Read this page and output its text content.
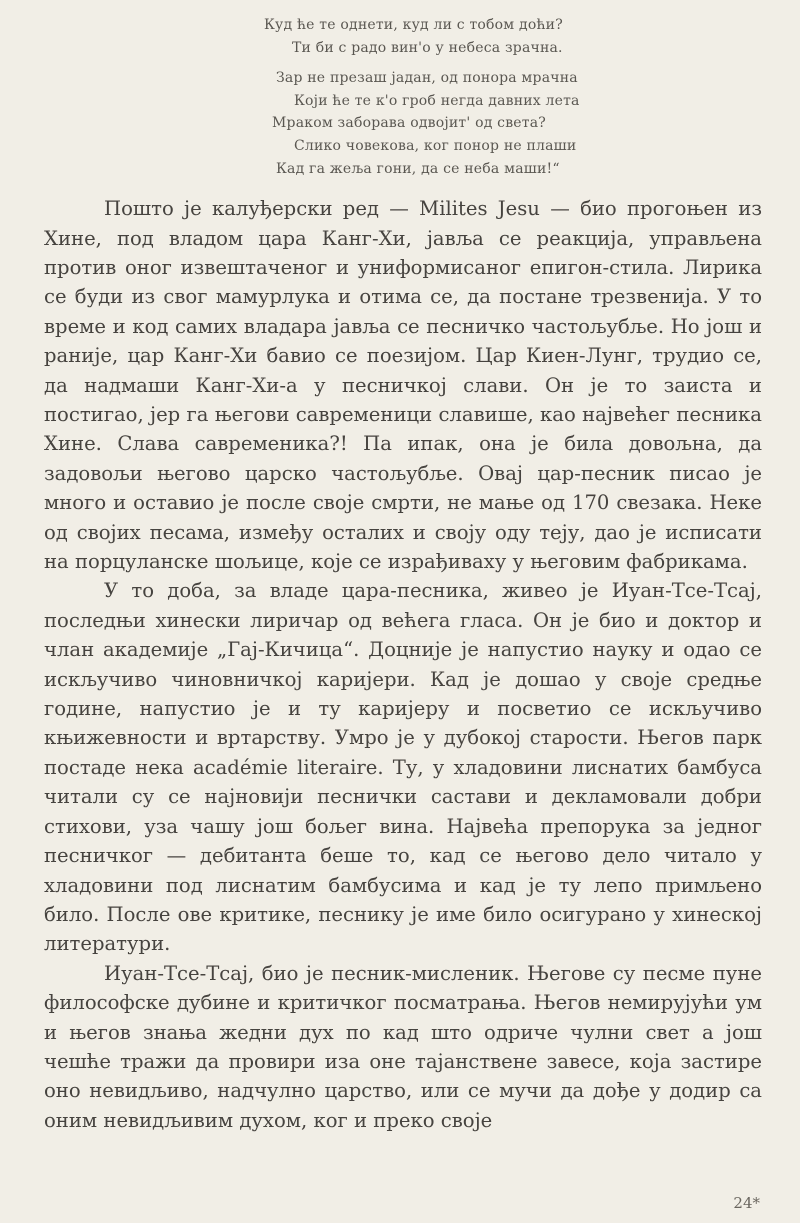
Куд ће те однети, куд ли с тобом доћи?
Ти би с радо вин'о у небеса зрачна.
Зар не презаш јадан, од понора мрачна
Који ће те к'о гроб негда давних лета
Мраком заборава одвојит' од света?
Слико човекова, ког понор не плаши
Кад га жеља гони, да се неба маши!“

Пошто је калуђерски ред — Milites Jesu — био прогоњен из Хине, под владом цара Канг-Хи, јавља се реакција, управљена против оног извештаченог и униформисаног епигон-стила. Лирика се буди из свог мамурлука и отима се, да постане трезвенија. У то време и код самих владара јавља се песничко частољубље. Но још и раније, цар Канг-Хи бавио се поезијом. Цар Киен-Лунг, трудио се, да надмаши Канг-Хи-а у песничкој слави. Он је то заиста и постигао, јер га његови савременици славише, као највећег песника Хине. Слава савременика?! Па ипак, она је била довољна, да задовољи његово царско частољубље. Овај цар-песник писао је много и оставио је после своје смрти, не мање од 170 свезака. Неке од својих песама, између осталих и своју оду теју, дао је исписати на порцуланске шољице, које се израђиваху у његовим фабрикама.

У то доба, за владе цара-песника, живео је Иуан-Тсе-Тсај, последњи хинески лиричар од већега гласа. Он је био и доктор и члан академије „Гај-Кичица“. Доцније је напустио науку и одао се искључиво чиновничкој каријери. Кад је дошао у своје средње године, напустио је и ту каријеру и посветио се искључиво књижевности и вртарству. Умро је у дубокој старости. Његов парк постаде нека académie literaire. Ту, у хладовини лиснатих бамбуса читали су се најновији песнички састави и декламовали добри стихови, уза чашу још бољег вина. Највећа препорука за једног песничког — дебитанта беше то, кад се његово дело читало у хладовини под лиснатим бамбусима и кад је ту лепо примљено било. После ове критике, песнику је име било осигурано у хинеској литератури.

Иуан-Тсе-Тсај, био је песник-мисленик. Његове су песме пуне философске дубине и критичког посматрања. Његов немирујући ум и његов знања жедни дух по кад што одриче чулни свет а још чешће тражи да провири иза оне тајанствене завесе, која застире оно невидљиво, надчулно царство, или се мучи да дође у додир са оним невидљивим духом, ког и преко своје

24*
